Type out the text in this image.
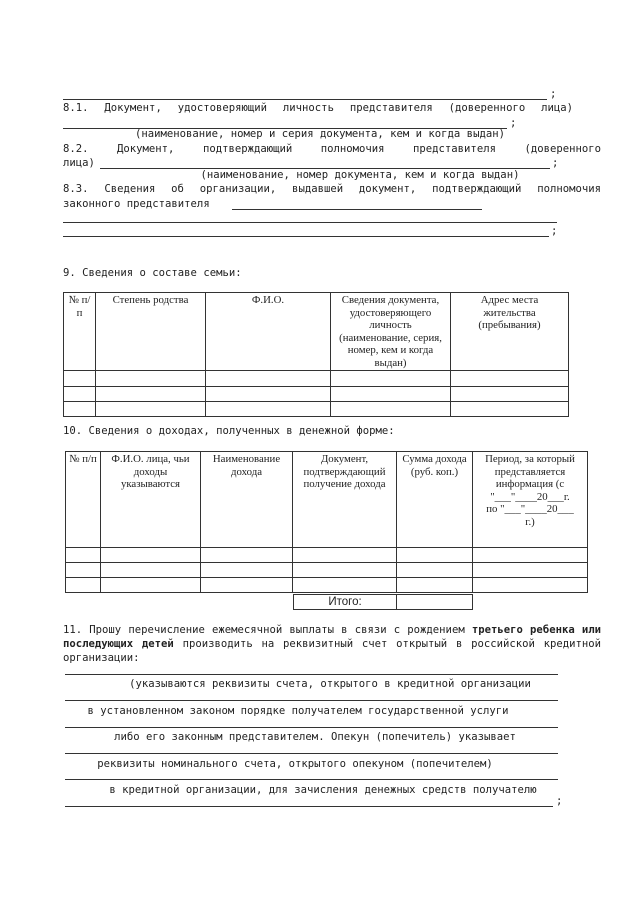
;
8.1. Документ, удостоверяющий личность представителя (доверенного лица)
;
(наименование, номер и серия документа, кем и когда выдан)
8.2. Документ, подтверждающий полномочия представителя (доверенного
лица)	;
(наименование, номер документа, кем и когда выдан)
8.3. Сведения об организации, выдавшей документ, подтверждающий полномочия
законного представителя
;
9. Сведения о составе семьи:
№ п/п	Степень родства	Ф.И.О.	Сведения документа, удостоверяющего личность (наименование, серия, номер, кем и когда выдан)	Адрес места жительства (пребывания)

10. Сведения о доходах, полученных в денежной форме:
№ п/п	Ф.И.О. лица, чьи доходы указываются	Наименование дохода	Документ, подтверждающий получение дохода	Сумма дохода (руб. коп.)	Период, за который представляется информация (с
"___"____20___г.
по "___"____20___
г.)

Итого:
11. Прошу перечисление ежемесячной выплаты в связи с рождением третьего ребенка или последующих детей производить на реквизитный счет открытый в российской кредитной организации:
(указываются реквизиты счета, открытого в кредитной организации
в установленном законом порядке получателем государственной услуги
либо его законным представителем. Опекун (попечитель) указывает
реквизиты номинального счета, открытого опекуном (попечителем)
в кредитной организации, для зачисления денежных средств получателю
;
